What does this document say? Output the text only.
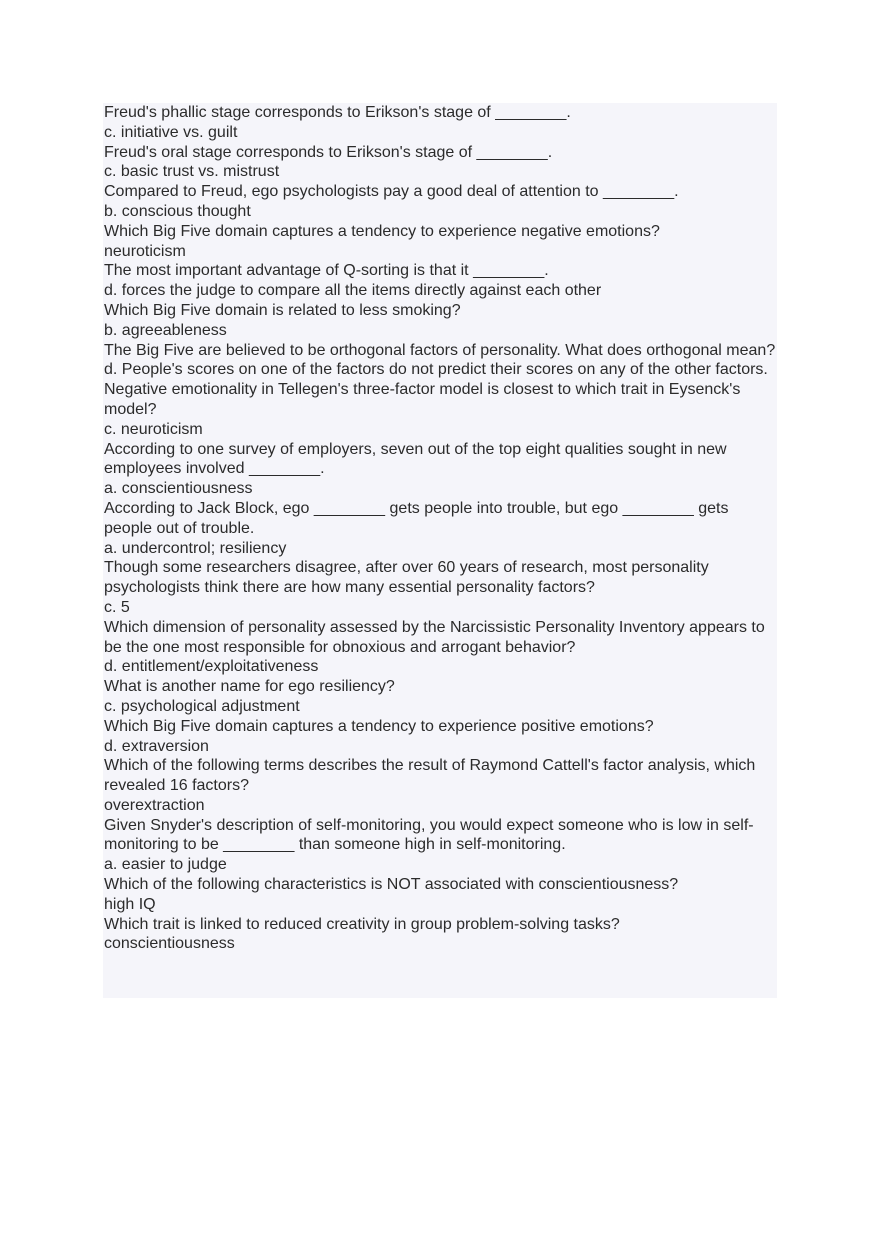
Freud's phallic stage corresponds to Erikson's stage of ________.

c. initiative vs. guilt

Freud's oral stage corresponds to Erikson's stage of ________.

c. basic trust vs. mistrust

Compared to Freud, ego psychologists pay a good deal of attention to ________.

b. conscious thought

Which Big Five domain captures a tendency to experience negative emotions?

neuroticism

The most important advantage of Q-sorting is that it ________.

d. forces the judge to compare all the items directly against each other

Which Big Five domain is related to less smoking?

b. agreeableness

The Big Five are believed to be orthogonal factors of personality. What does orthogonal mean?

d. People's scores on one of the factors do not predict their scores on any of the other factors.

Negative emotionality in Tellegen's three-factor model is closest to which trait in Eysenck's model?

c. neuroticism

According to one survey of employers, seven out of the top eight qualities sought in new employees involved ________.

a. conscientiousness

According to Jack Block, ego ________ gets people into trouble, but ego ________ gets people out of trouble.

a. undercontrol; resiliency

Though some researchers disagree, after over 60 years of research, most personality psychologists think there are how many essential personality factors?

c. 5

Which dimension of personality assessed by the Narcissistic Personality Inventory appears to be the one most responsible for obnoxious and arrogant behavior?

d. entitlement/exploitativeness

What is another name for ego resiliency?

c. psychological adjustment

Which Big Five domain captures a tendency to experience positive emotions?

d. extraversion

Which of the following terms describes the result of Raymond Cattell's factor analysis, which revealed 16 factors?

overextraction

Given Snyder's description of self-monitoring, you would expect someone who is low in self-monitoring to be ________ than someone high in self-monitoring.

a. easier to judge

Which of the following characteristics is NOT associated with conscientiousness?

high IQ

Which trait is linked to reduced creativity in group problem-solving tasks?

conscientiousness
